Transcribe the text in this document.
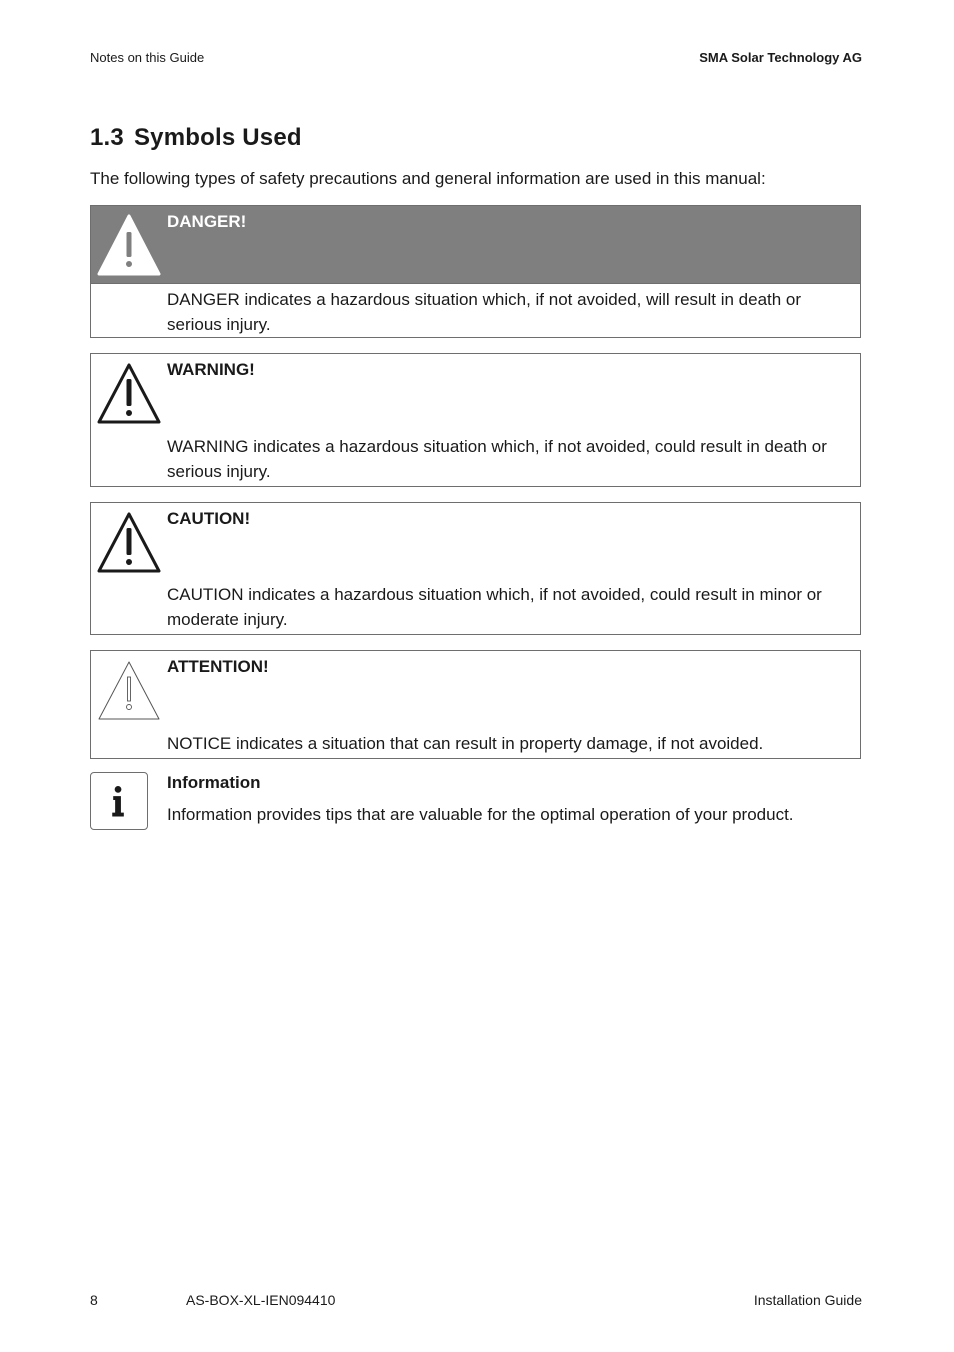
Notes on this Guide	SMA Solar Technology AG
1.3 Symbols Used
The following types of safety precautions and general information are used in this manual:
DANGER!
DANGER indicates a hazardous situation which, if not avoided, will result in death or serious injury.
WARNING!
WARNING indicates a hazardous situation which, if not avoided, could result in death or serious injury.
CAUTION!
CAUTION indicates a hazardous situation which, if not avoided, could result in minor or moderate injury.
ATTENTION!
NOTICE indicates a situation that can result in property damage, if not avoided.
Information
Information provides tips that are valuable for the optimal operation of your product.
8	AS-BOX-XL-IEN094410	Installation Guide
